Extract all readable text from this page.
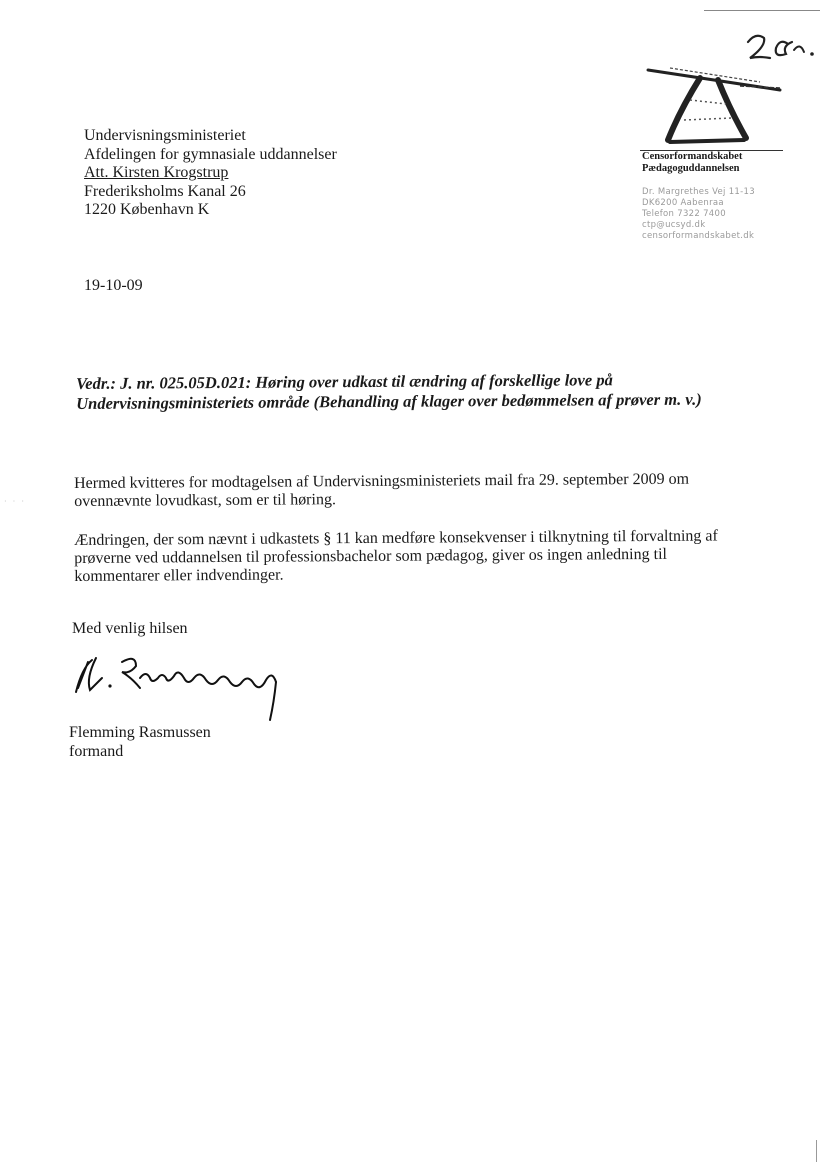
Censorformandskabet
Pædagoguddannelsen
Dr. Margrethes Vej 11-13
DK6200 Aabenraa
Telefon 7322 7400
ctp@ucsyd.dk
censorformandskabet.dk
Undervisningsministeriet
Afdelingen for gymnasiale uddannelser
Att. Kirsten Krogstrup
Frederiksholms Kanal 26
1220 København K
19-10-09
Vedr.: J. nr. 025.05D.021: Høring over udkast til ændring af forskellige love på
Undervisningsministeriets område (Behandling af klager over bedømmelsen af prøver m. v.)
· · ·
Hermed kvitteres for modtagelsen af Undervisningsministeriets mail fra 29. september 2009 om
ovennævnte lovudkast, som er til høring.
Ændringen, der som nævnt i udkastets § 11 kan medføre konsekvenser i tilknytning til forvaltning af
prøverne ved uddannelsen til professionsbachelor som pædagog, giver os ingen anledning til
kommentarer eller indvendinger.
Med venlig hilsen
Flemming Rasmussen
formand
